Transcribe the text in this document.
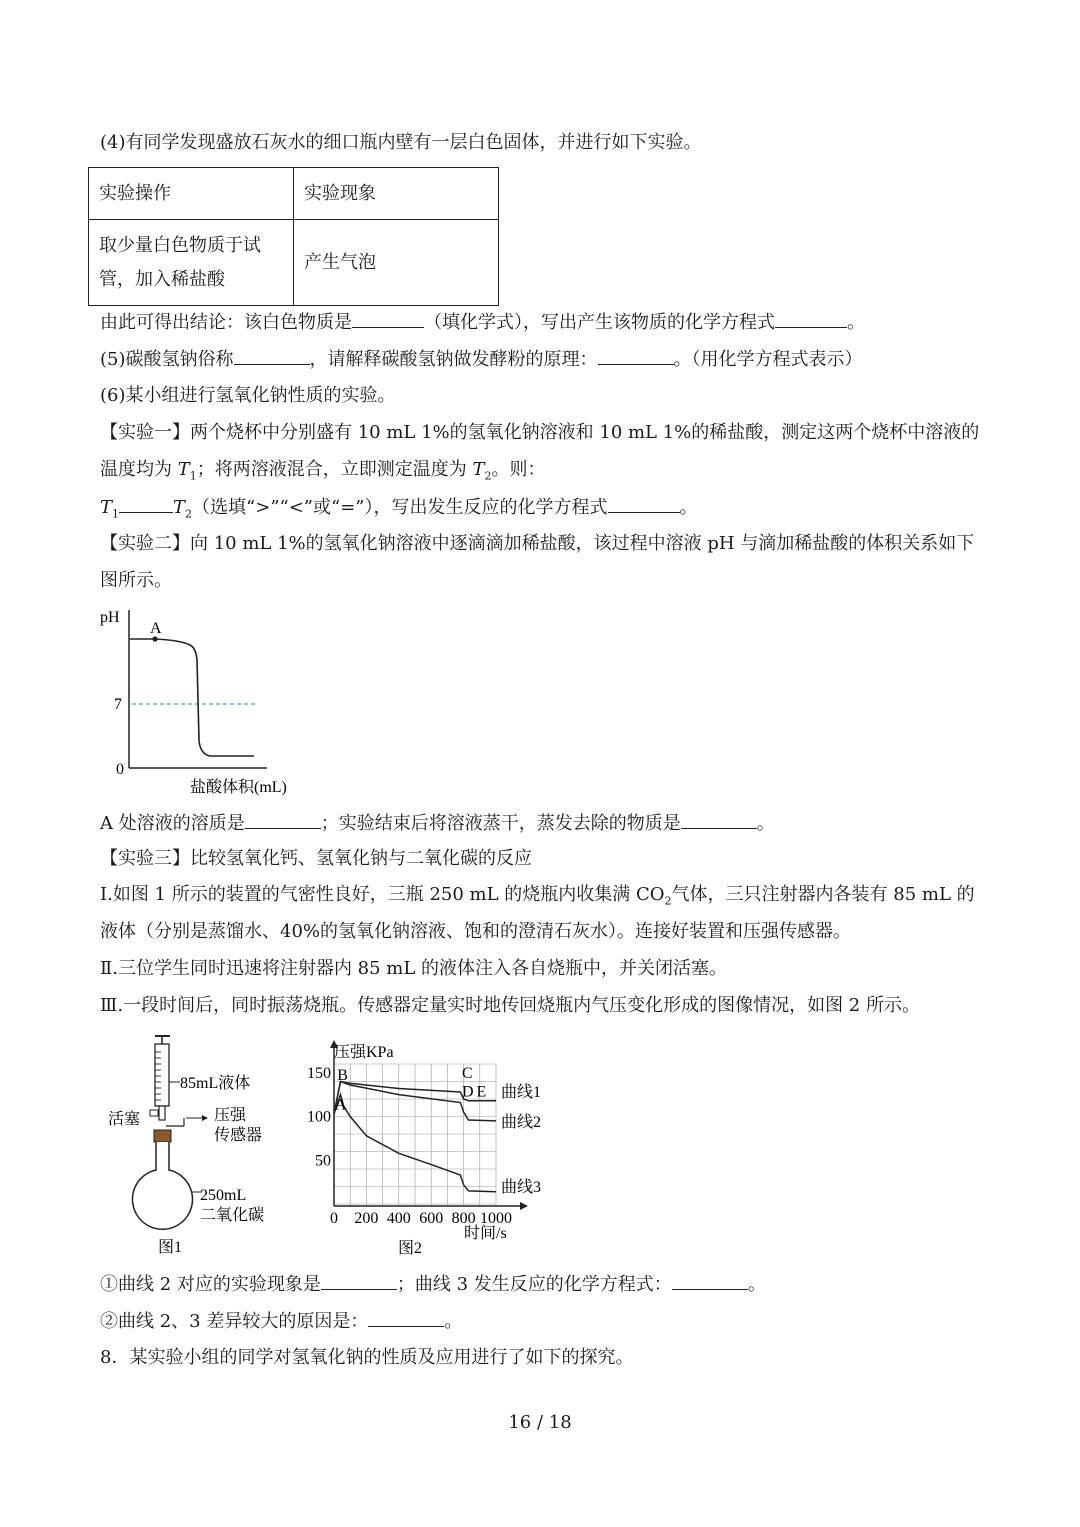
(4)有同学发现盛放石灰水的细口瓶内壁有一层白色固体，并进行如下实验。
实验操作	实验现象
取少量白色物质于试
管，加入稀盐酸	产生气泡
由此可得出结论：该白色物质是	（填化学式），写出产生该物质的化学方程式	。
(5)碳酸氢钠俗称	，请解释碳酸氢钠做发酵粉的原理：	。（用化学方程式表示）
(6)某小组进行氢氧化钠性质的实验。
【实验一】两个烧杯中分别盛有 10 mL 1%的氢氧化钠溶液和 10 mL 1%的稀盐酸，测定这两个烧杯中溶液的
温度均为 $T_1$；将两溶液混合，立即测定温度为 $T_2$。则：
$T_1$	$T_2$（选填“>”“<”或“=”），写出发生反应的化学方程式	。
【实验二】向 10 mL 1%的氢氧化钠溶液中逐滴滴加稀盐酸，该过程中溶液 pH 与滴加稀盐酸的体积关系如下
图所示。
pH
7
0
A
盐酸体积(mL)
A 处溶液的溶质是	；实验结束后将溶液蒸干，蒸发去除的物质是	。
【实验三】比较氢氧化钙、氢氧化钠与二氧化碳的反应
Ⅰ.如图 1 所示的装置的气密性良好，三瓶 250 mL 的烧瓶内收集满 $CO_2$气体，三只注射器内各装有 85 mL 的
液体（分别是蒸馏水、40%的氢氧化钠溶液、饱和的澄清石灰水）。连接好装置和压强传感器。
Ⅱ.三位学生同时迅速将注射器内 85 mL 的液体注入各自烧瓶中，并关闭活塞。
Ⅲ.一段时间后，同时振荡烧瓶。传感器定量实时地传回烧瓶内气压变化形成的图像情况，如图 2 所示。
85mL液体
活塞	压强
传感器
250mL
二氧化碳
图1
压强KPa
时间/s
0 200 400 600 800 1000
50
100
150
曲线1
曲线2
曲线3
A
B	C
D E
图2
①曲线 2 对应的实验现象是	；曲线 3 发生反应的化学方程式：	。
②曲线 2、3 差异较大的原因是：	。
8．某实验小组的同学对氢氧化钠的性质及应用进行了如下的探究。
16 / 18
